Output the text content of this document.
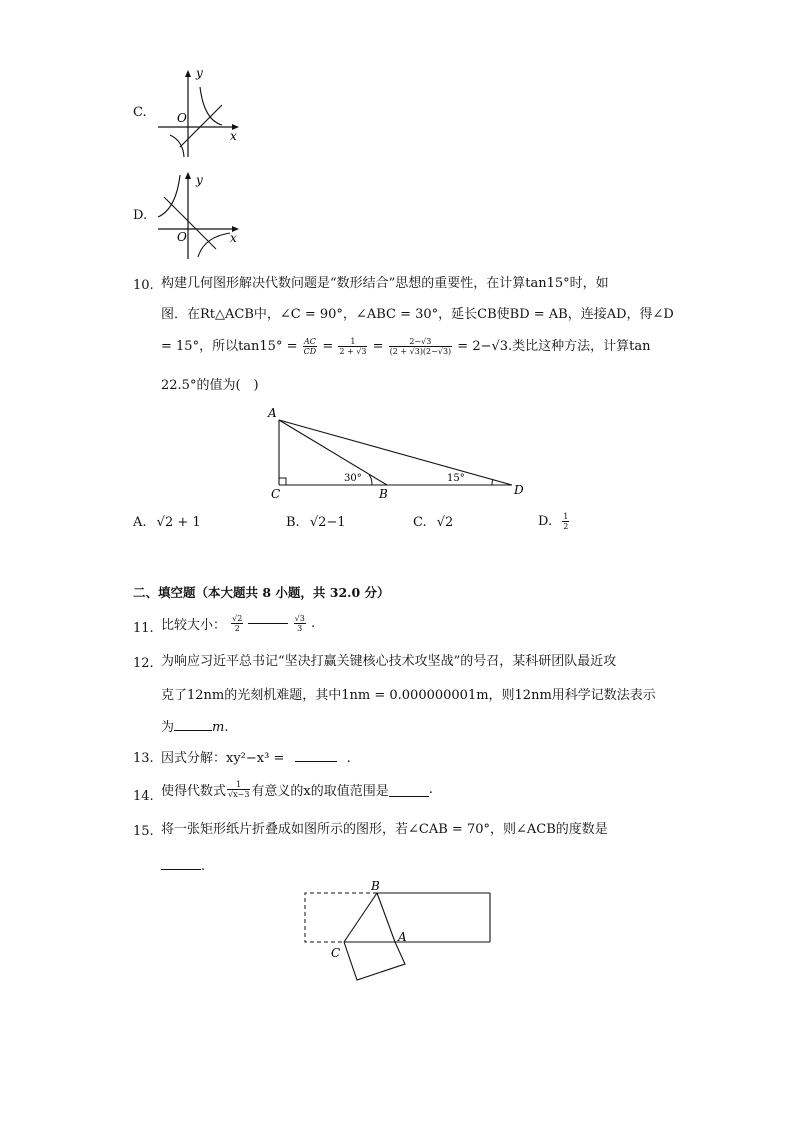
C.
y
x
O
D.
y
x
O
10. 构建几何图形解决代数问题是“数形结合”思想的重要性，在计算tan15°时，如
图．在Rt△ACB中，∠C = 90°，∠ABC = 30°，延长CB使BD = AB，连接AD，得∠D
= 15°，所以$\tan 15^\circ = \frac{AC}{CD} = \frac{1}{2 + √3} = \frac{2-√3}{(2 + √3)(2-√3)} = 2-√3$.类比这种方法，计算tan
22.5°的值为(　)
A
C	B	D
30°	15°
A. √2 + 1	B. √2−1	C. √2	D. $\frac{1}{2}$
二、填空题（本大题共 8 小题，共 32.0 分）
11. 比较大小： $\frac{√2}{2}$
	$\frac{√3}{3}$ .
12. 为响应习近平总书记“坚决打赢关键核心技术攻坚战”的号召，某科研团队最近攻
克了12nm的光刻机难题，其中1nm = 0.000000001m，则12nm用科学记数法表示
为	m.
13. 因式分解：xy²−x³ =	.
14. 使得代数式 $\frac{1}{√x-3}$ 有意义的x的取值范围是	.
15. 将一张矩形纸片折叠成如图所示的图形，若∠CAB = 70°，则∠ACB的度数是
.
B
A
C
